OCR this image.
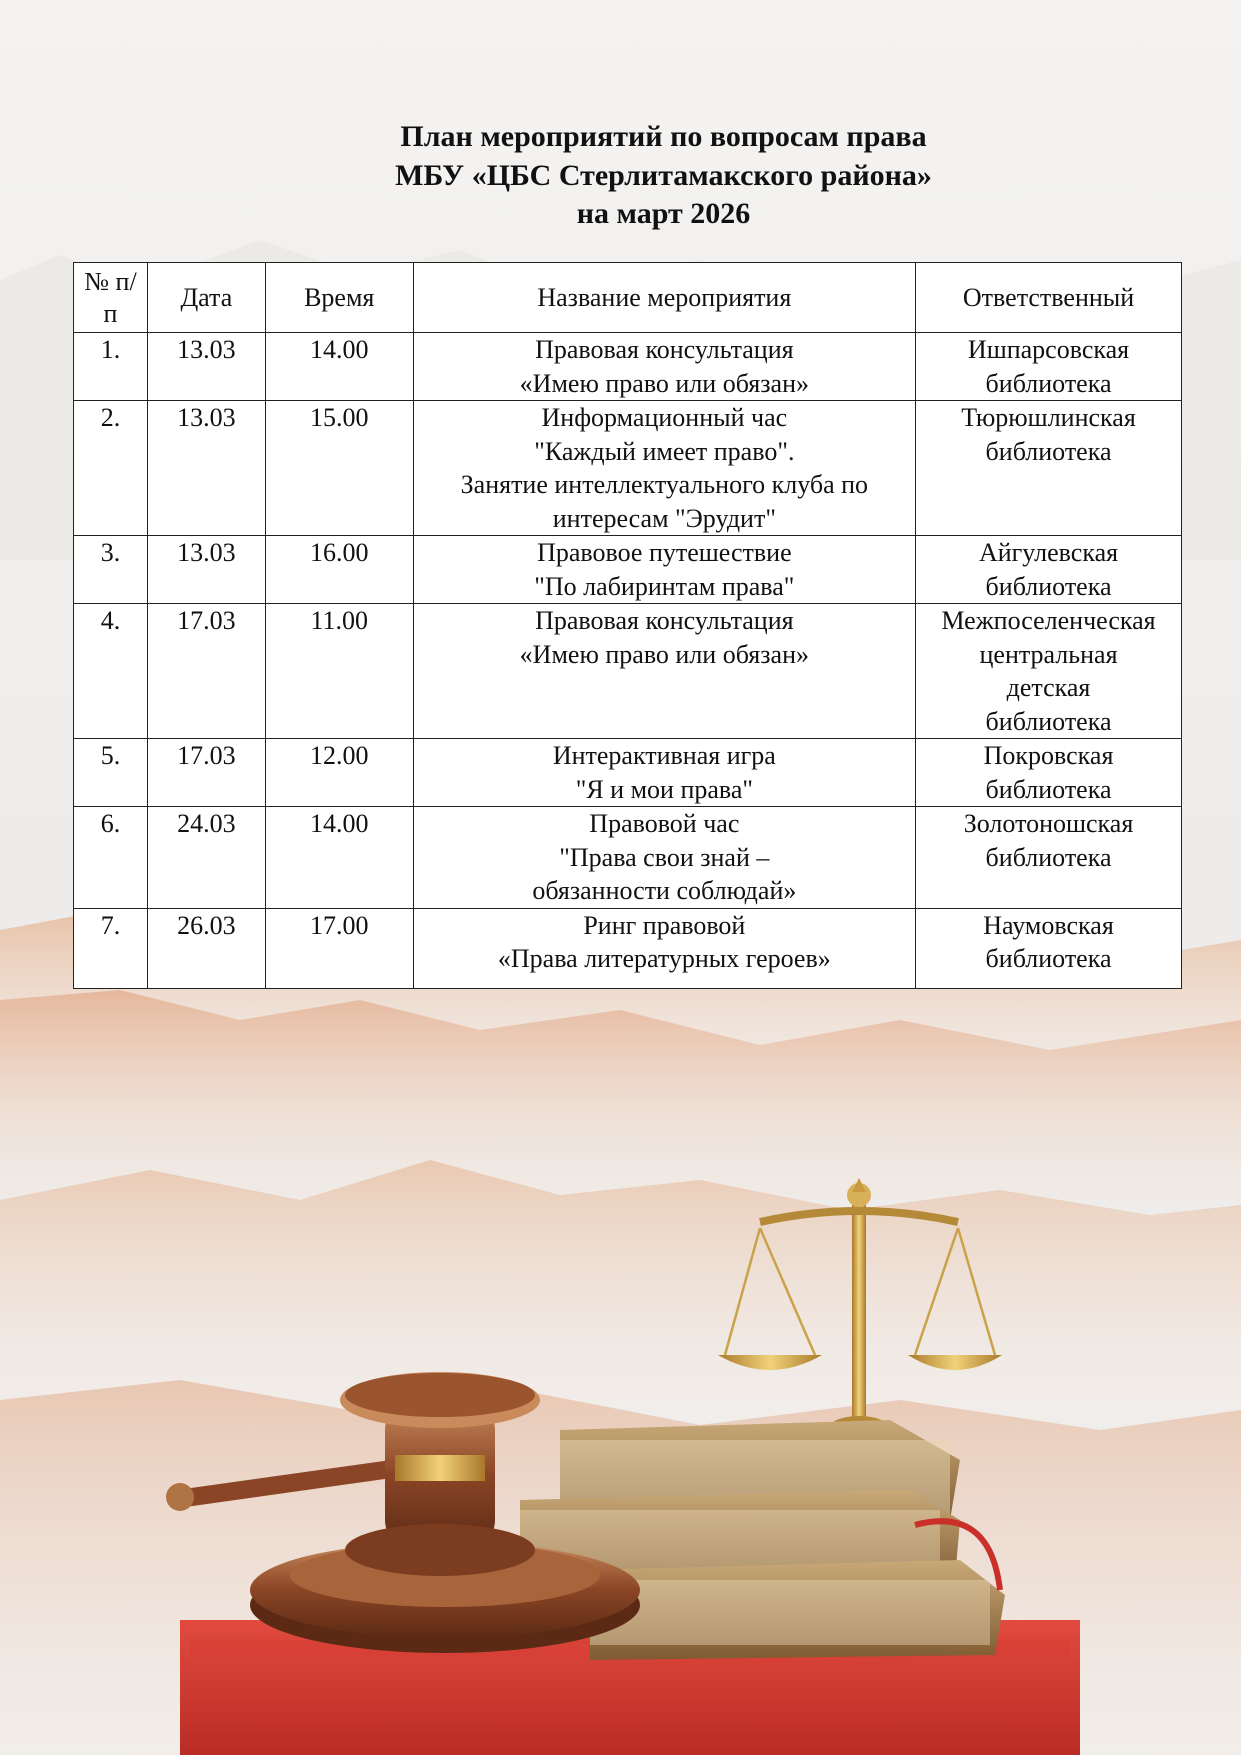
План мероприятий по вопросам права
МБУ «ЦБС Стерлитамакского района»
на март 2026
№ п/п	Дата	Время	Название мероприятия	Ответственный
1.	13.03	14.00	Правовая консультация
«Имею право или обязан»	Ишпарсовская
библиотека

2.	13.03	15.00	Информационный час
"Каждый имеет право".
Занятие интеллектуального клуба по
интересам "Эрудит"	Тюрюшлинская
библиотека

3.	13.03	16.00	Правовое путешествие
"По лабиринтам права"	Айгулевская
библиотека

4.	17.03	11.00	Правовая консультация
«Имею право или обязан»	Межпоселенческая
центральная
детская
библиотека

5.	17.03	12.00	Интерактивная игра
"Я и мои права"	Покровская
библиотека

6.	24.03	14.00	Правовой час
"Права свои знай –
обязанности соблюдай»	Золотоношская
библиотека

7.	26.03	17.00	Ринг правовой
«Права литературных героев»	Наумовская
библиотека
